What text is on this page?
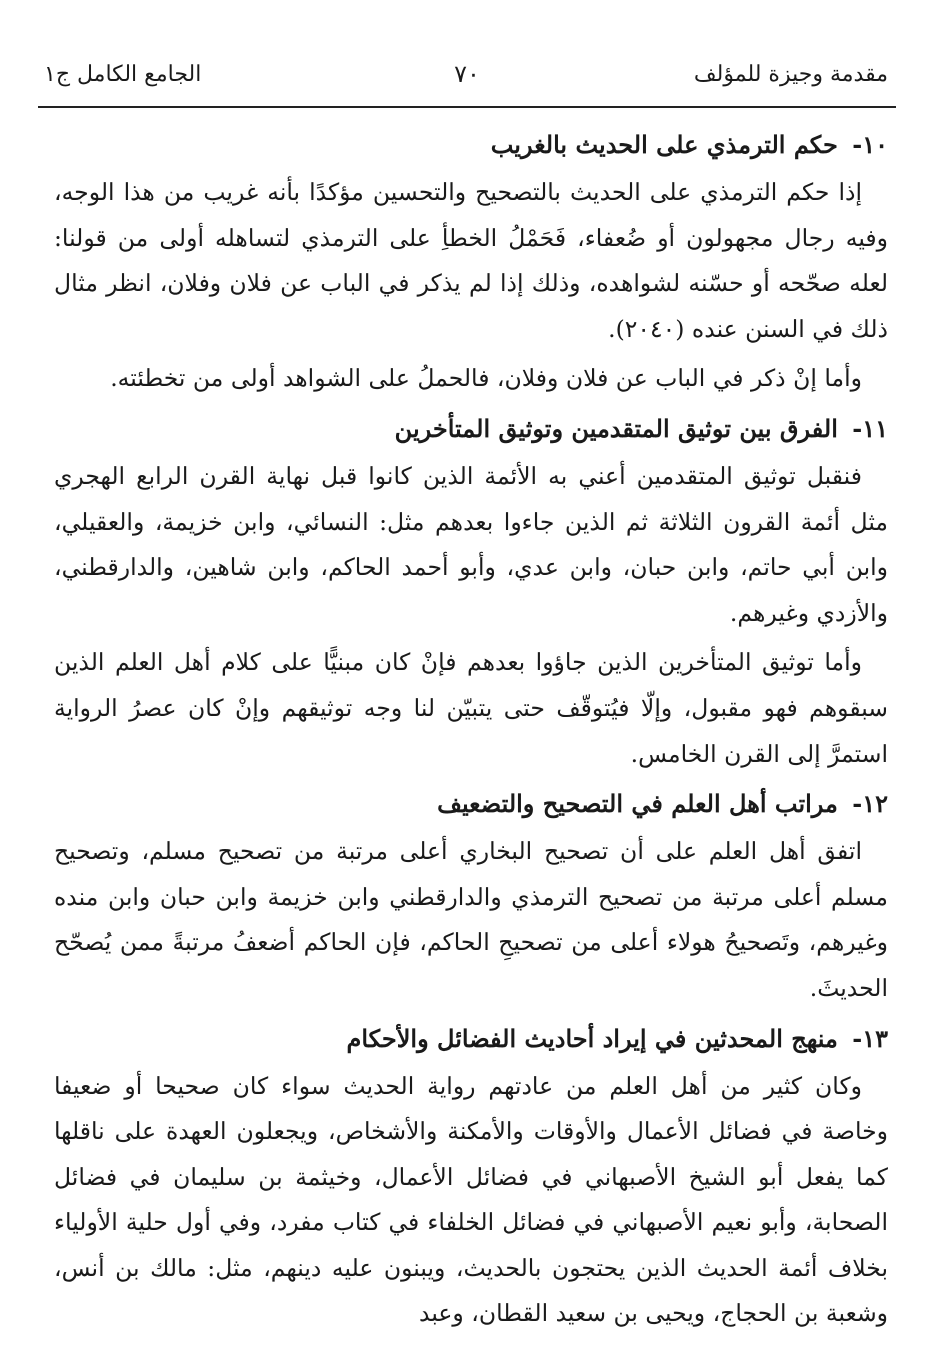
مقدمة وجيزة للمؤلف
٧٠
الجامع الكامل ج١
١٠- حكم الترمذي على الحديث بالغريب

إذا حكم الترمذي على الحديث بالتصحيح والتحسين مؤكدًا بأنه غريب من هذا الوجه، وفيه رجال مجهولون أو ضُعفاء، فَحَمْلُ الخطأِ على الترمذي لتساهله أولى من قولنا: لعله صحّحه أو حسّنه لشواهده، وذلك إذا لم يذكر في الباب عن فلان وفلان، انظر مثال ذلك في السنن عنده (٢٠٤٠).

وأما إنْ ذكر في الباب عن فلان وفلان، فالحملُ على الشواهد أولى من تخطئته.

١١- الفرق بين توثيق المتقدمين وتوثيق المتأخرين

فنقبل توثيق المتقدمين أعني به الأئمة الذين كانوا قبل نهاية القرن الرابع الهجري مثل أئمة القرون الثلاثة ثم الذين جاءوا بعدهم مثل: النسائي، وابن خزيمة، والعقيلي، وابن أبي حاتم، وابن حبان، وابن عدي، وأبو أحمد الحاكم، وابن شاهين، والدارقطني، والأزدي وغيرهم.

وأما توثيق المتأخرين الذين جاؤوا بعدهم فإنْ كان مبنيًّا على كلام أهل العلم الذين سبقوهم فهو مقبول، وإلّا فيُتوقّف حتى يتبيّن لنا وجه توثيقهم وإنْ كان عصرُ الرواية استمرَّ إلى القرن الخامس.

١٢- مراتب أهل العلم في التصحيح والتضعيف

اتفق أهل العلم على أن تصحيح البخاري أعلى مرتبة من تصحيح مسلم، وتصحيح مسلم أعلى مرتبة من تصحيح الترمذي والدارقطني وابن خزيمة وابن حبان وابن منده وغيرهم، وتَصحيحُ هولاء أعلى من تصحيحِ الحاكم، فإن الحاكم أضعفُ مرتبةً ممن يُصحّح الحديثَ.

١٣- منهج المحدثين في إيراد أحاديث الفضائل والأحكام

وكان كثير من أهل العلم من عادتهم رواية الحديث سواء كان صحيحا أو ضعيفا وخاصة في فضائل الأعمال والأوقات والأمكنة والأشخاص، ويجعلون العهدة على ناقلها كما يفعل أبو الشيخ الأصبهاني في فضائل الأعمال، وخيثمة بن سليمان في فضائل الصحابة، وأبو نعيم الأصبهاني في فضائل الخلفاء في كتاب مفرد، وفي أول حلية الأولياء بخلاف أئمة الحديث الذين يحتجون بالحديث، ويبنون عليه دينهم، مثل: مالك بن أنس، وشعبة بن الحجاج، ويحيى بن سعيد القطان، وعبد
